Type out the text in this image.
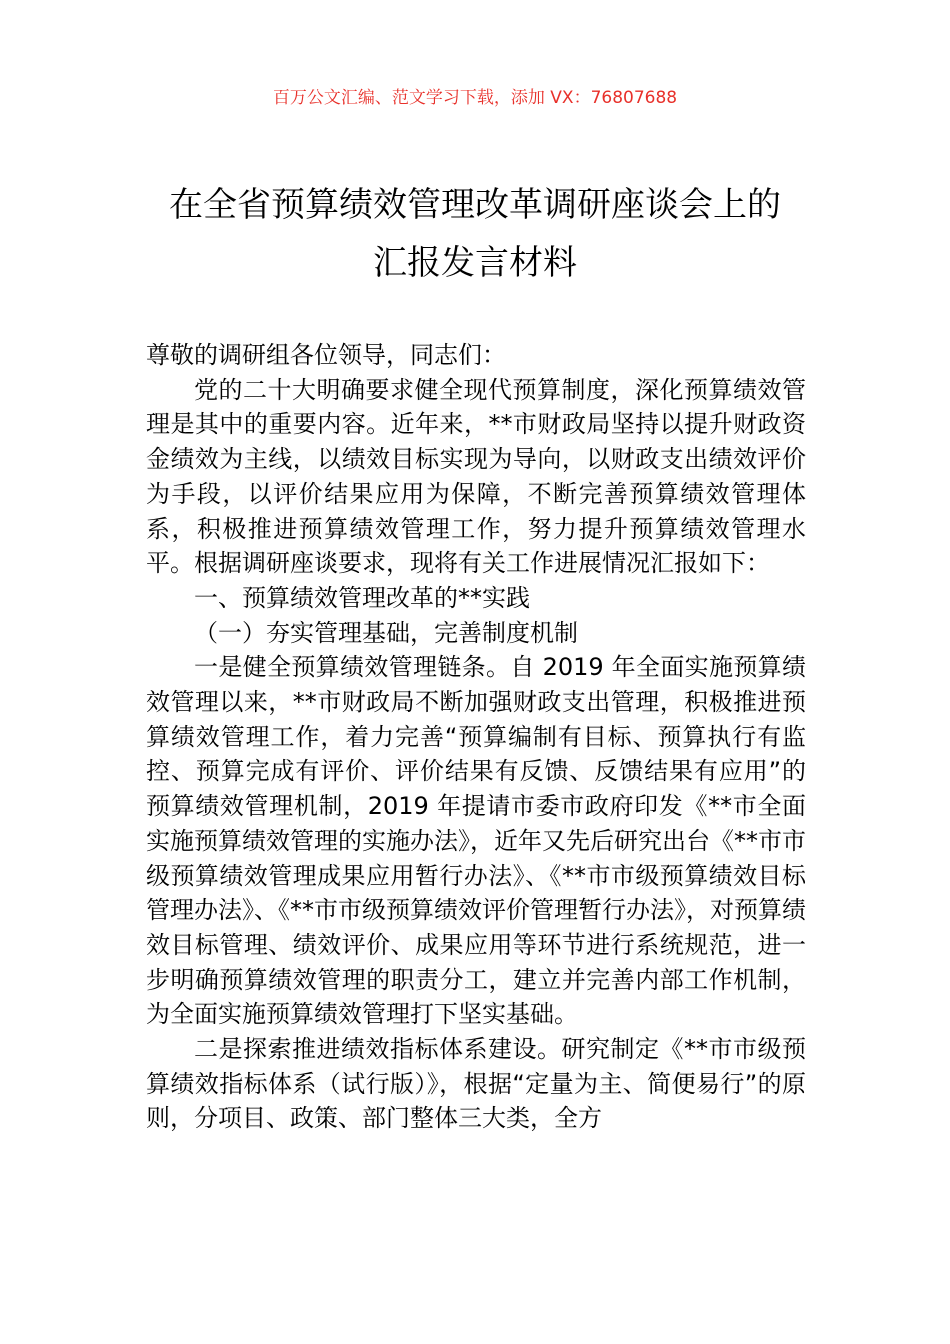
百万公文汇编、范文学习下载，添加 VX：76807688
在全省预算绩效管理改革调研座谈会上的
汇报发言材料

尊敬的调研组各位领导，同志们：

党的二十大明确要求健全现代预算制度，深化预算绩效管理是其中的重要内容。近年来，**市财政局坚持以提升财政资金绩效为主线，以绩效目标实现为导向，以财政支出绩效评价为手段，以评价结果应用为保障，不断完善预算绩效管理体系，积极推进预算绩效管理工作，努力提升预算绩效管理水平。根据调研座谈要求，现将有关工作进展情况汇报如下：

一、预算绩效管理改革的**实践

（一）夯实管理基础，完善制度机制

一是健全预算绩效管理链条。自 2019 年全面实施预算绩效管理以来，**市财政局不断加强财政支出管理，积极推进预算绩效管理工作，着力完善“预算编制有目标、预算执行有监控、预算完成有评价、评价结果有反馈、反馈结果有应用”的预算绩效管理机制，2019 年提请市委市政府印发《**市全面实施预算绩效管理的实施办法》，近年又先后研究出台《**市市级预算绩效管理成果应用暂行办法》、《**市市级预算绩效目标管理办法》、《**市市级预算绩效评价管理暂行办法》，对预算绩效目标管理、绩效评价、成果应用等环节进行系统规范，进一步明确预算绩效管理的职责分工，建立并完善内部工作机制，为全面实施预算绩效管理打下坚实基础。

二是探索推进绩效指标体系建设。研究制定《**市市级预算绩效指标体系（试行版）》，根据“定量为主、简便易行”的原则，分项目、政策、部门整体三大类，全方
